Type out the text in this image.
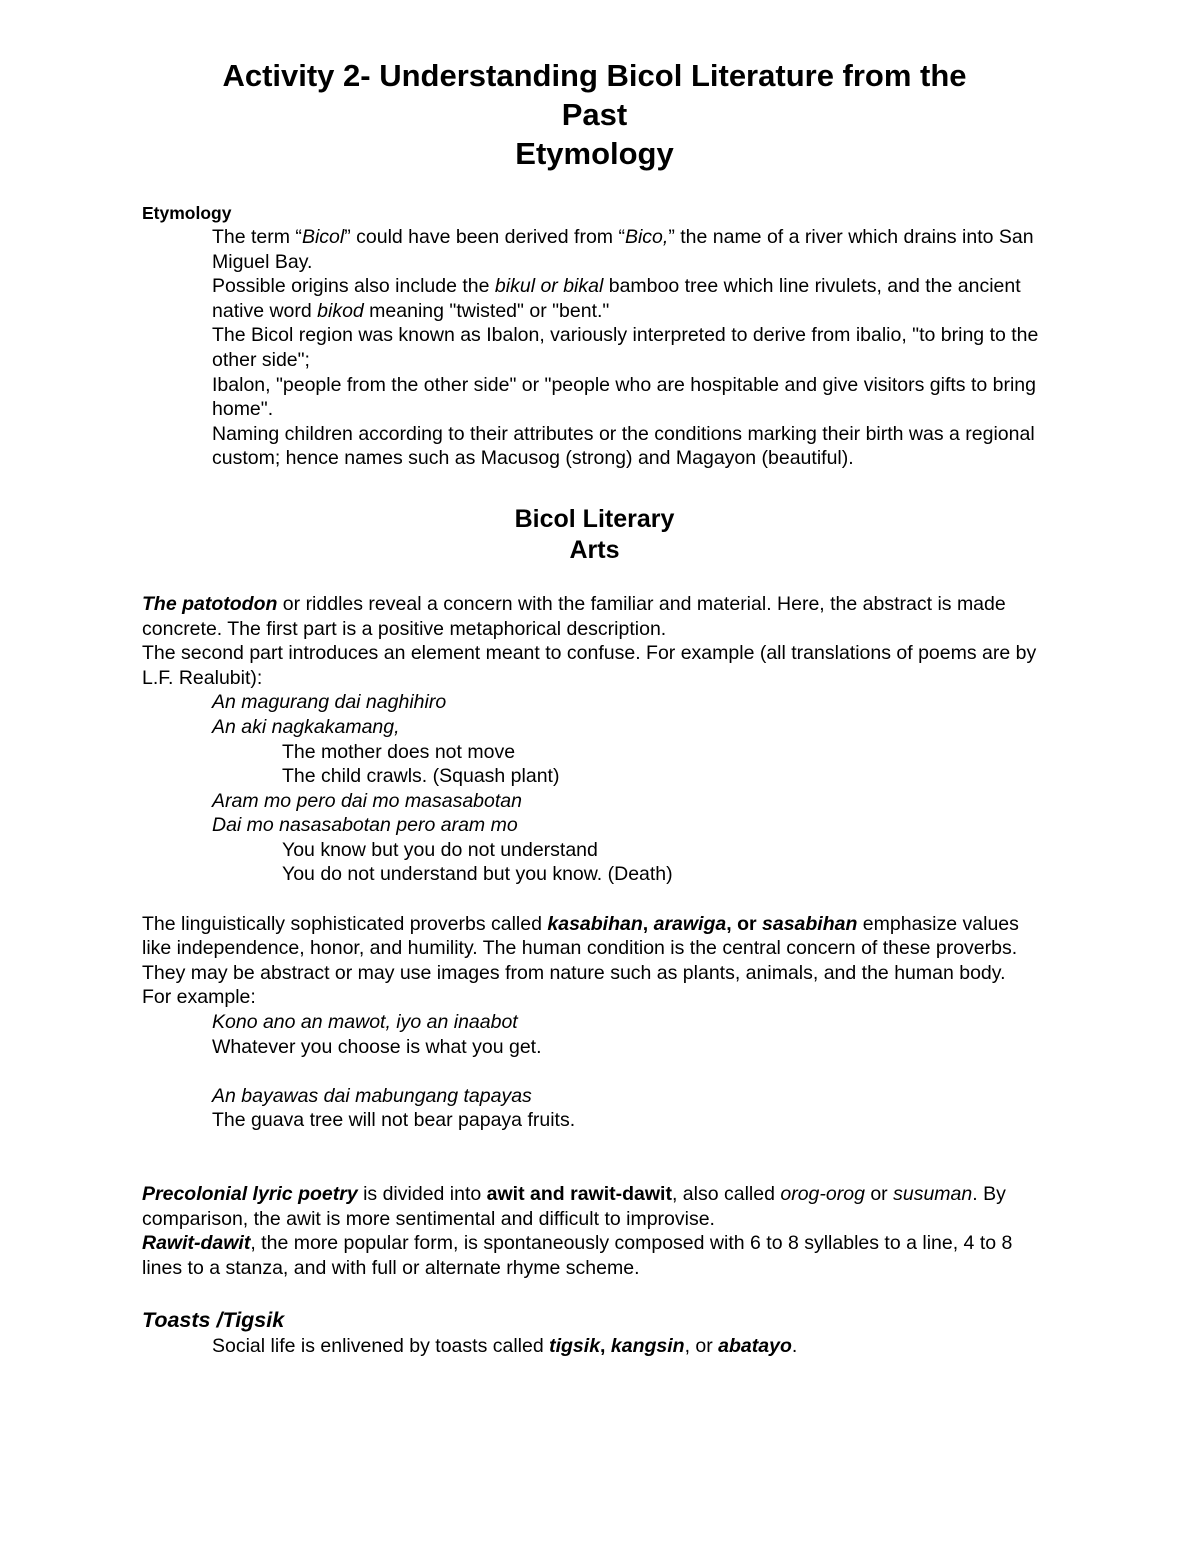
Activity 2- Understanding Bicol Literature from the
Past
Etymology
Etymology
The term “Bicol” could have been derived from “Bico,” the name of a river which drains into San Miguel Bay.
Possible origins also include the bikul or bikal bamboo tree which line rivulets, and the ancient native word bikod meaning "twisted" or "bent."
The Bicol region was known as Ibalon, variously interpreted to derive from ibalio, "to bring to the other side";
Ibalon, "people from the other side" or "people who are hospitable and give visitors gifts to bring home".
Naming children according to their attributes or the conditions marking their birth was a regional custom; hence names such as Macusog (strong) and Magayon (beautiful).
Bicol Literary
Arts

The patotodon or riddles reveal a concern with the familiar and material. Here, the abstract is made concrete. The first part is a positive metaphorical description.

The second part introduces an element meant to confuse. For example (all translations of poems are by L.F. Realubit):

An magurang dai naghihiro

An aki nagkakamang,

The mother does not move

The child crawls. (Squash plant)

Aram mo pero dai mo masasabotan

Dai mo nasasabotan pero aram mo

You know but you do not understand

You do not understand but you know. (Death)

The linguistically sophisticated proverbs called kasabihan, arawiga, or sasabihan emphasize values like independence, honor, and humility. The human condition is the central concern of these proverbs. They may be abstract or may use images from nature such as plants, animals, and the human body.

For example:

Kono ano an mawot, iyo an inaabot

Whatever you choose is what you get.

An bayawas dai mabungang tapayas

The guava tree will not bear papaya fruits.

Precolonial lyric poetry is divided into awit and rawit-dawit, also called orog-orog or susuman. By comparison, the awit is more sentimental and difficult to improvise.

Rawit-dawit, the more popular form, is spontaneously composed with 6 to 8 syllables to a line, 4 to 8 lines to a stanza, and with full or alternate rhyme scheme.

Toasts /Tigsik
Social life is enlivened by toasts called tigsik, kangsin, or abatayo.
